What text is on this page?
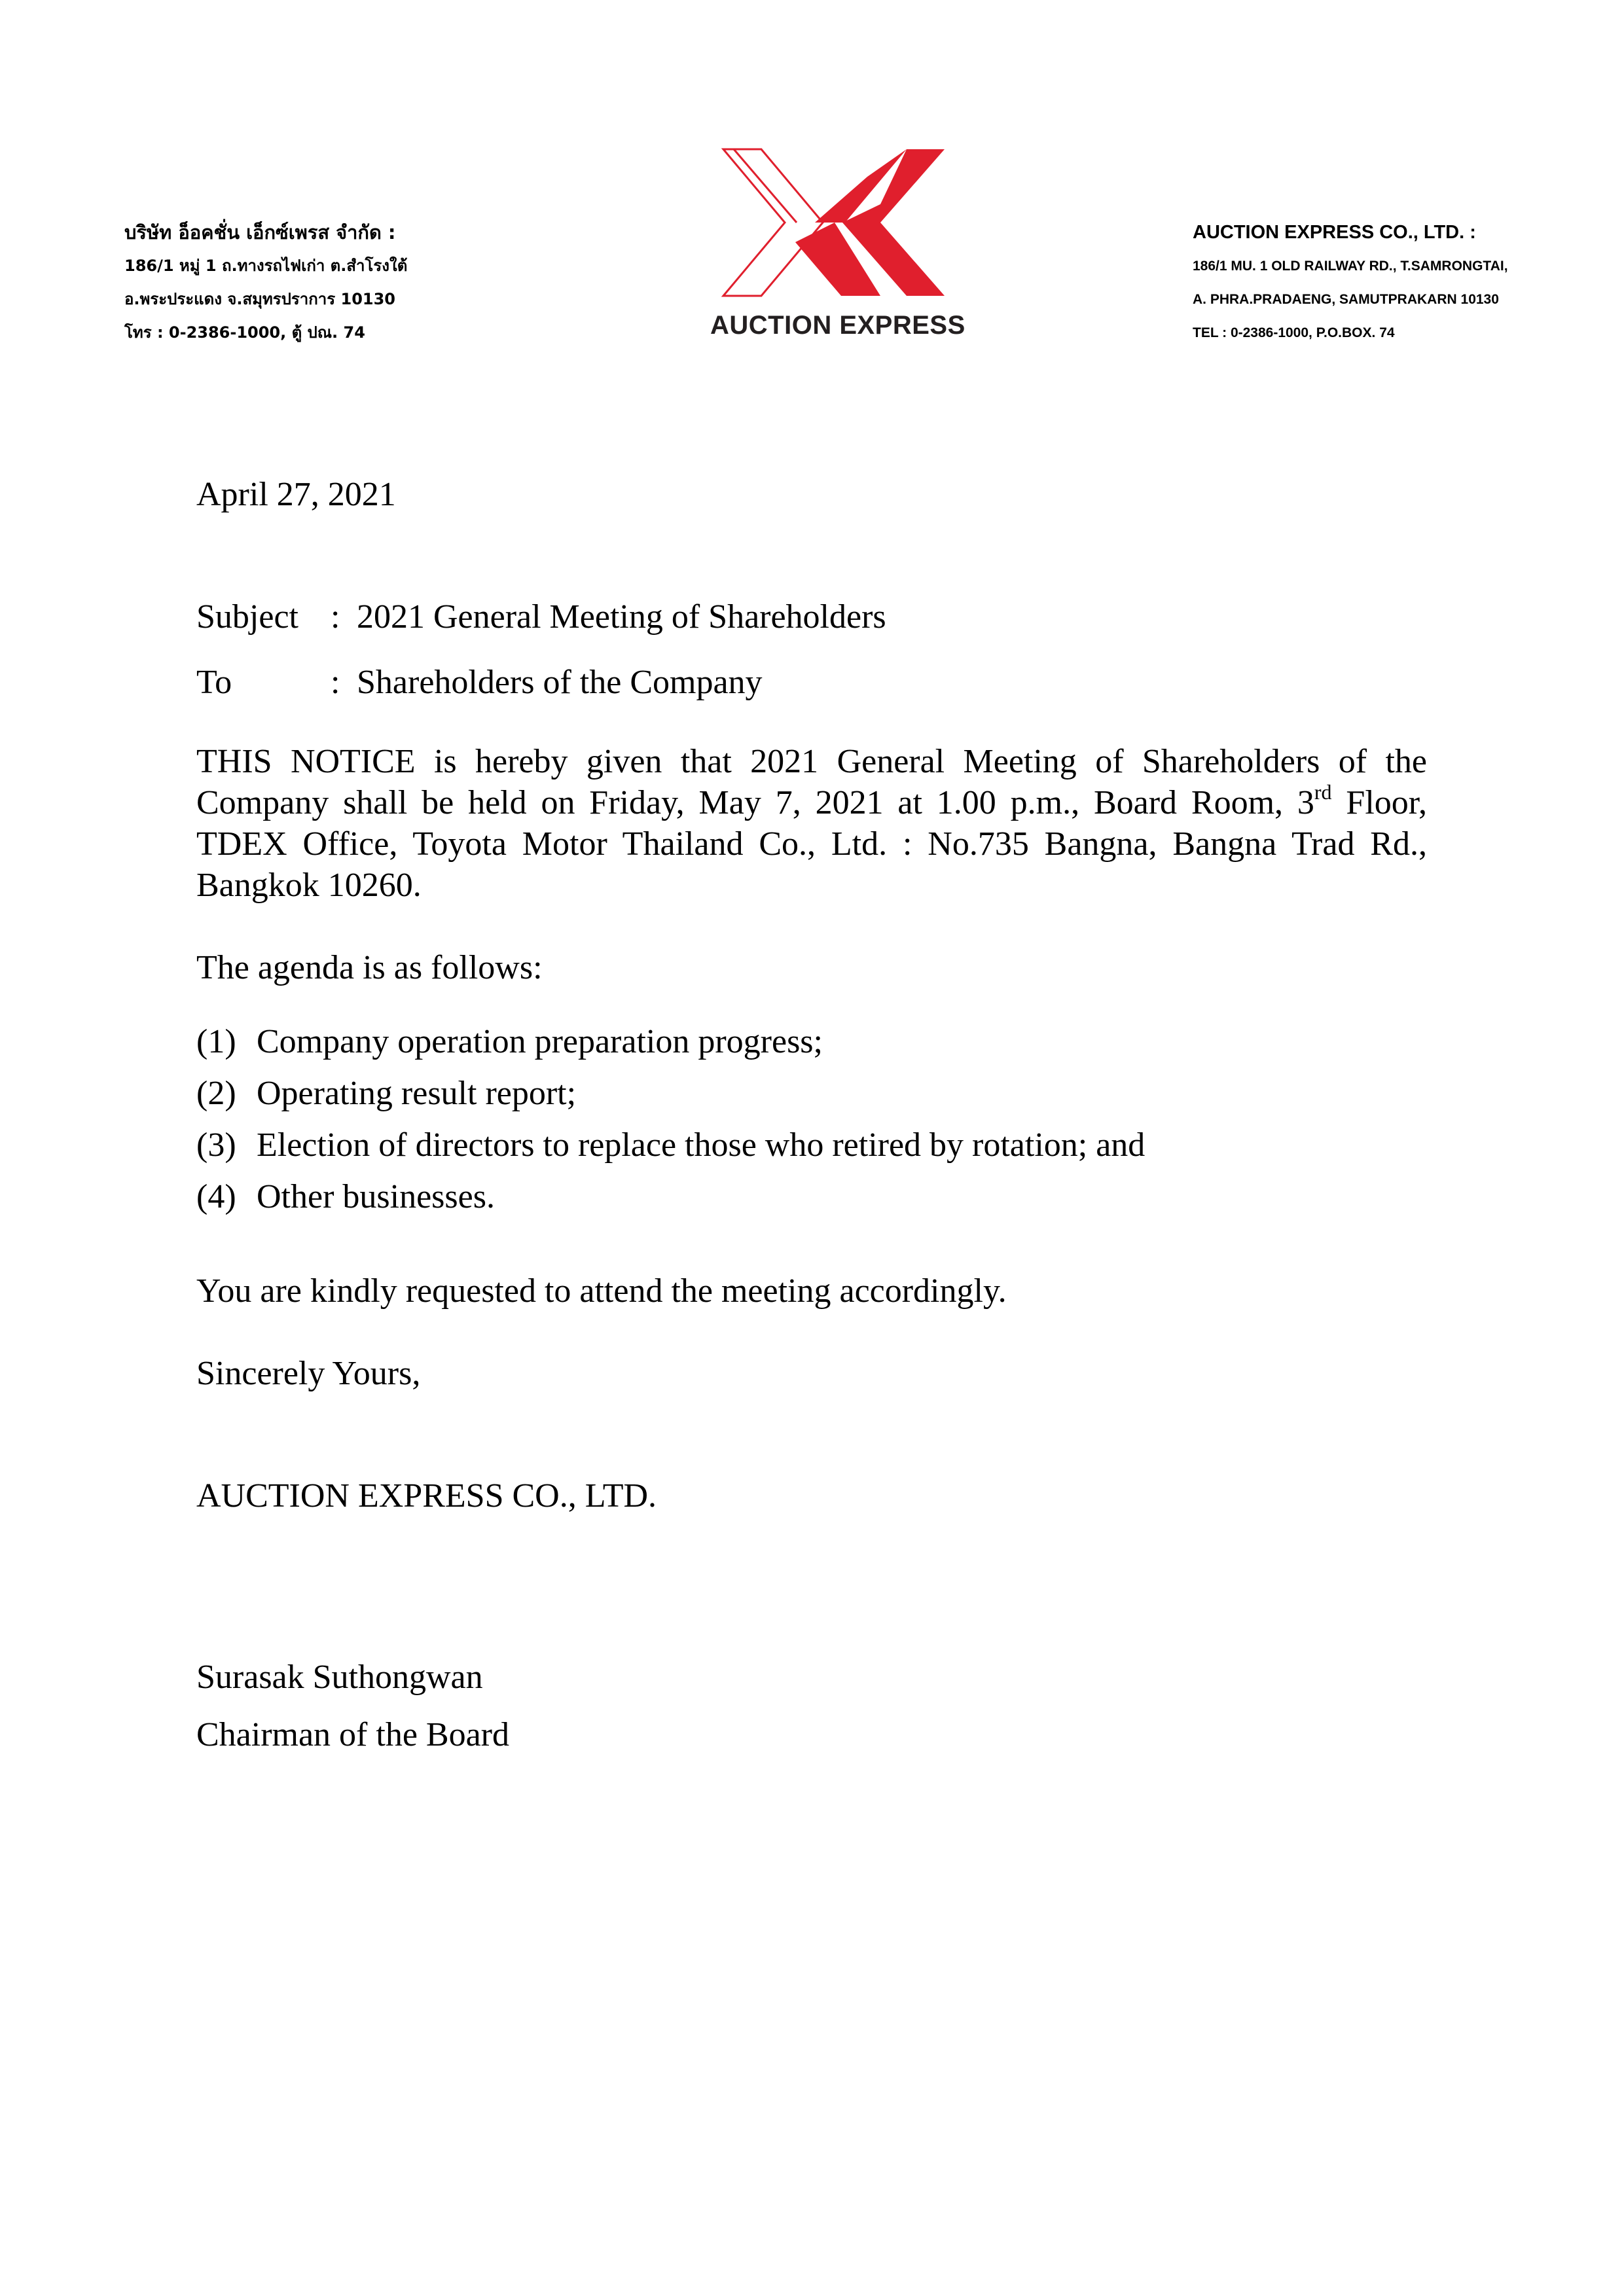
บริษัท อ็อคชั่น เอ็กซ์เพรส จำกัด :
186/1 หมู่ 1 ถ.ทางรถไฟเก่า ต.สำโรงใต้
อ.พระประแดง จ.สมุทรปราการ 10130
โทร : 0-2386-1000, ตู้ ปณ. 74	AUCTION EXPRESS
AUCTION EXPRESS CO., LTD. :
186/1 MU. 1 OLD RAILWAY RD., T.SAMRONGTAI,
A. PHRA.PRADAENG, SAMUTPRAKARN 10130
TEL : 0-2386-1000, P.O.BOX. 74
April 27, 2021
Subject : 2021 General Meeting of Shareholders
To	: Shareholders of the Company
THIS NOTICE is hereby given that 2021 General Meeting of Shareholders of the Company shall be held on Friday, May 7, 2021 at 1.00 p.m., Board Room, 3rd Floor, TDEX Office, Toyota Motor Thailand Co., Ltd. : No.735 Bangna, Bangna Trad Rd., Bangkok 10260.
The agenda is as follows:
(1) Company operation preparation progress;
(2) Operating result report;
(3) Election of directors to replace those who retired by rotation; and
(4) Other businesses.
You are kindly requested to attend the meeting accordingly.
Sincerely Yours,
AUCTION EXPRESS CO., LTD.
Surasak Suthongwan
Chairman of the Board
